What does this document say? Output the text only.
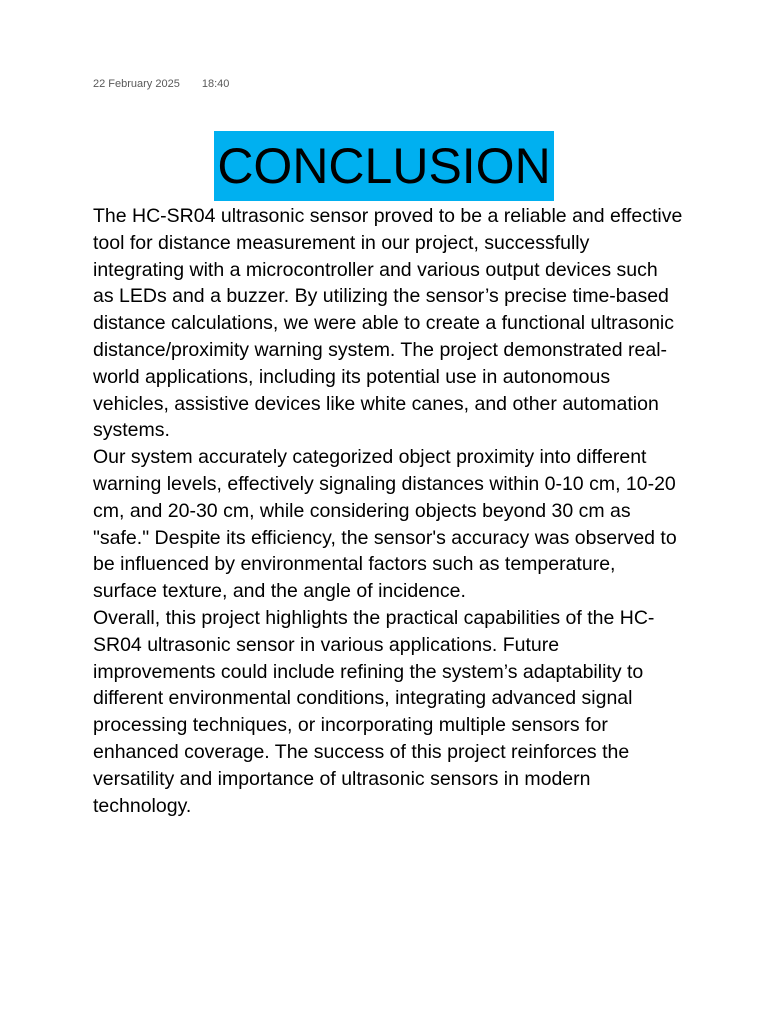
22 February 2025 18:40
CONCLUSION

The HC-SR04 ultrasonic sensor proved to be a reliable and effective tool for distance measurement in our project, successfully integrating with a microcontroller and various output devices such as LEDs and a buzzer. By utilizing the sensor’s precise time-based distance calculations, we were able to create a functional ultrasonic distance/proximity warning system. The project demonstrated real-world applications, including its potential use in autonomous vehicles, assistive devices like white canes, and other automation systems.

Our system accurately categorized object proximity into different warning levels, effectively signaling distances within 0-10 cm, 10-20 cm, and 20-30 cm, while considering objects beyond 30 cm as "safe." Despite its efficiency, the sensor's accuracy was observed to be influenced by environmental factors such as temperature, surface texture, and the angle of incidence.

Overall, this project highlights the practical capabilities of the HC-SR04 ultrasonic sensor in various applications. Future improvements could include refining the system’s adaptability to different environmental conditions, integrating advanced signal processing techniques, or incorporating multiple sensors for enhanced coverage. The success of this project reinforces the versatility and importance of ultrasonic sensors in modern technology.
